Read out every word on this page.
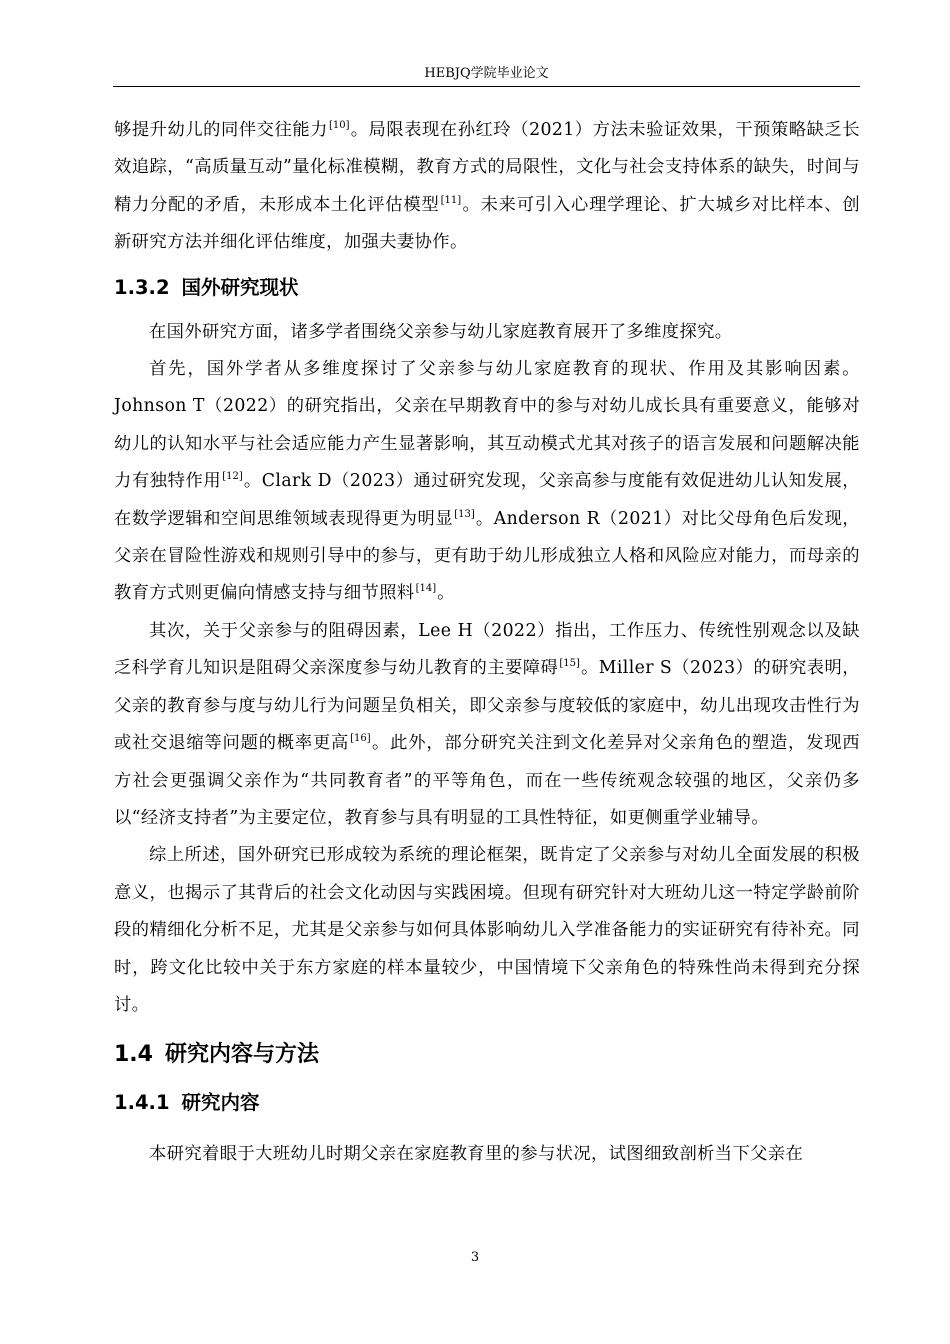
HEBJQ学院毕业论文

够提升幼儿的同伴交往能力[10]。局限表现在孙红玲（2021）方法未验证效果，干预策略缺乏长效追踪，“高质量互动”量化标准模糊，教育方式的局限性，文化与社会支持体系的缺失，时间与精力分配的矛盾，未形成本土化评估模型[11]。未来可引入心理学理论、扩大城乡对比样本、创新研究方法并细化评估维度，加强夫妻协作。

1.3.2 国外研究现状

在国外研究方面，诸多学者围绕父亲参与幼儿家庭教育展开了多维度探究。

首先，国外学者从多维度探讨了父亲参与幼儿家庭教育的现状、作用及其影响因素。Johnson T（2022）的研究指出，父亲在早期教育中的参与对幼儿成长具有重要意义，能够对幼儿的认知水平与社会适应能力产生显著影响，其互动模式尤其对孩子的语言发展和问题解决能力有独特作用[12]。Clark D（2023）通过研究发现，父亲高参与度能有效促进幼儿认知发展，在数学逻辑和空间思维领域表现得更为明显[13]。Anderson R（2021）对比父母角色后发现，父亲在冒险性游戏和规则引导中的参与，更有助于幼儿形成独立人格和风险应对能力，而母亲的教育方式则更偏向情感支持与细节照料[14]。

其次，关于父亲参与的阻碍因素，Lee H（2022）指出，工作压力、传统性别观念以及缺乏科学育儿知识是阻碍父亲深度参与幼儿教育的主要障碍[15]。Miller S（2023）的研究表明，父亲的教育参与度与幼儿行为问题呈负相关，即父亲参与度较低的家庭中，幼儿出现攻击性行为或社交退缩等问题的概率更高[16]。此外，部分研究关注到文化差异对父亲角色的塑造，发现西方社会更强调父亲作为“共同教育者”的平等角色，而在一些传统观念较强的地区，父亲仍多以“经济支持者”为主要定位，教育参与具有明显的工具性特征，如更侧重学业辅导。

综上所述，国外研究已形成较为系统的理论框架，既肯定了父亲参与对幼儿全面发展的积极意义，也揭示了其背后的社会文化动因与实践困境。但现有研究针对大班幼儿这一特定学龄前阶段的精细化分析不足，尤其是父亲参与如何具体影响幼儿入学准备能力的实证研究有待补充。同时，跨文化比较中关于东方家庭的样本量较少，中国情境下父亲角色的特殊性尚未得到充分探讨。

1.4 研究内容与方法
1.4.1 研究内容

本研究着眼于大班幼儿时期父亲在家庭教育里的参与状况，试图细致剖析当下父亲在

3
